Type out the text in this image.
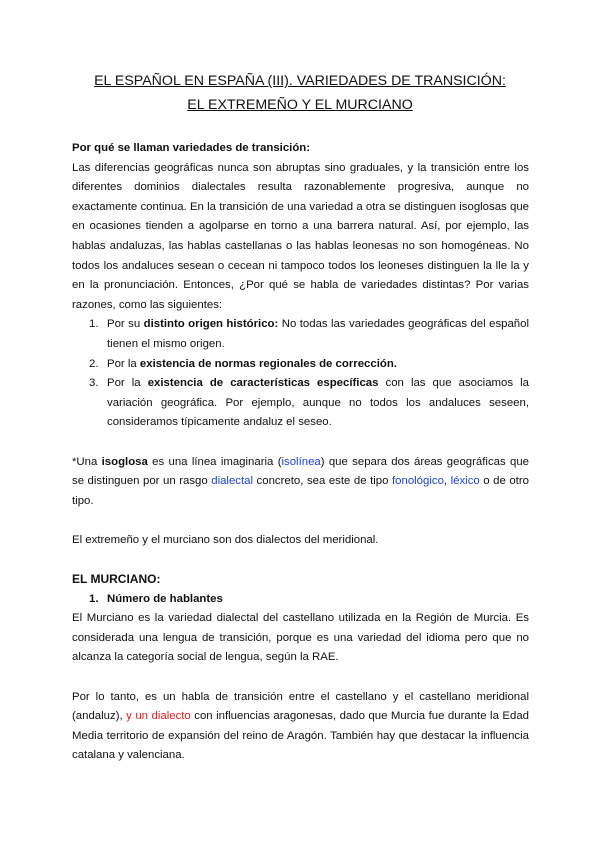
EL ESPAÑOL EN ESPAÑA (III). VARIEDADES DE TRANSICIÓN:
EL EXTREMEÑO Y EL MURCIANO

Por qué se llaman variedades de transición:

Las diferencias geográficas nunca son abruptas sino graduales, y la transición entre los diferentes dominios dialectales resulta razonablemente progresiva, aunque no exactamente continua. En la transición de una variedad a otra se distinguen isoglosas que en ocasiones tienden a agolparse en torno a una barrera natural. Así, por ejemplo, las hablas andaluzas, las hablas castellanas o las hablas leonesas no son homogéneas. No todos los andaluces sesean o cecean ni tampoco todos los leoneses distinguen la lle la y en la pronunciación. Entonces, ¿Por qué se habla de variedades distintas? Por varias razones, como las siguientes:

1. Por su distinto origen histórico: No todas las variedades geográficas del español tienen el mismo origen.
2. Por la existencia de normas regionales de corrección.
3. Por la existencia de características específicas con las que asociamos la variación geográfica. Por ejemplo, aunque no todos los andaluces seseen, consideramos típicamente andaluz el seseo.

*Una isoglosa es una línea imaginaria (isolínea) que separa dos áreas geográficas que se distinguen por un rasgo dialectal concreto, sea este de tipo fonológico, léxico o de otro tipo.

El extremeño y el murciano son dos dialectos del meridional.

EL MURCIANO:

1. Número de hablantes

El Murciano es la variedad dialectal del castellano utilizada en la Región de Murcia. Es considerada una lengua de transición, porque es una variedad del idioma pero que no alcanza la categoría social de lengua, según la RAE.

Por lo tanto, es un habla de transición entre el castellano y el castellano meridional (andaluz), y un dialecto con influencias aragonesas, dado que Murcia fue durante la Edad Media territorio de expansión del reino de Aragón. También hay que destacar la influencia catalana y valenciana.
